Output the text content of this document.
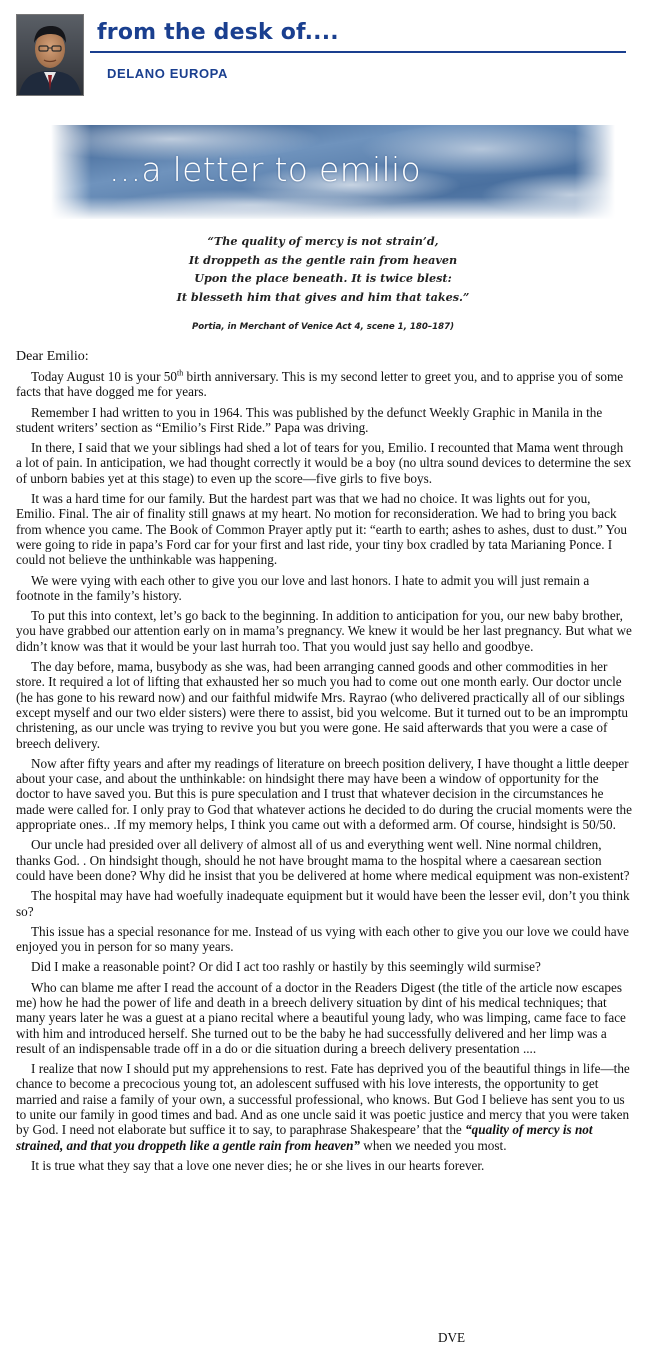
from the desk of....
DELANO EUROPA
...a letter to emilio
“The quality of mercy is not strain’d,
It droppeth as the gentle rain from heaven
Upon the place beneath. It is twice blest:
It blesseth him that gives and him that takes.”
Portia, in Merchant of Venice Act 4, scene 1, 180–187)

Dear Emilio:

Today August 10 is your 50th birth anniversary. This is my second letter to greet you, and to apprise you of some facts that have dogged me for years.

Remember I had written to you in 1964. This was published by the defunct Weekly Graphic in Manila in the student writers’ section as “Emilio’s First Ride.” Papa was driving.

In there, I said that we your siblings had shed a lot of tears for you, Emilio. I recounted that Mama went through a lot of pain. In anticipation, we had thought correctly it would be a boy (no ultra sound devices to determine the sex of unborn babies yet at this stage) to even up the score—five girls to five boys.

It was a hard time for our family. But the hardest part was that we had no choice. It was lights out for you, Emilio. Final. The air of finality still gnaws at my heart. No motion for reconsideration. We had to bring you back from whence you came. The Book of Common Prayer aptly put it: “earth to earth; ashes to ashes, dust to dust.” You were going to ride in papa’s Ford car for your first and last ride, your tiny box cradled by tata Marianing Ponce. I could not believe the unthinkable was happening.

We were vying with each other to give you our love and last honors. I hate to admit you will just remain a footnote in the family’s history.

To put this into context, let’s go back to the beginning. In addition to anticipation for you, our new baby brother, you have grabbed our attention early on in mama’s pregnancy. We knew it would be her last pregnancy. But what we didn’t know was that it would be your last hurrah too. That you would just say hello and goodbye.

The day before, mama, busybody as she was, had been arranging canned goods and other commodities in her store. It required a lot of lifting that exhausted her so much you had to come out one month early. Our doctor uncle (he has gone to his reward now) and our faithful midwife Mrs. Rayrao (who delivered practically all of our siblings except myself and our two elder sisters) were there to assist, bid you welcome. But it turned out to be an impromptu christening, as our uncle was trying to revive you but you were gone. He said afterwards that you were a case of breech delivery.

Now after fifty years and after my readings of literature on breech position delivery, I have thought a little deeper about your case, and about the unthinkable: on hindsight there may have been a window of opportunity for the doctor to have saved you. But this is pure speculation and I trust that whatever decision in the circumstances he made were called for. I only pray to God that whatever actions he decided to do during the crucial moments were the appropriate ones.. .If my memory helps, I think you came out with a deformed arm. Of course, hindsight is 50/50.

Our uncle had presided over all delivery of almost all of us and everything went well. Nine normal children, thanks God. . On hindsight though, should he not have brought mama to the hospital where a caesarean section could have been done? Why did he insist that you be delivered at home where medical equipment was non-existent?

The hospital may have had woefully inadequate equipment but it would have been the lesser evil, don’t you think so?

This issue has a special resonance for me. Instead of us vying with each other to give you our love we could have enjoyed you in person for so many years.

Did I make a reasonable point? Or did I act too rashly or hastily by this seemingly wild surmise?

Who can blame me after I read the account of a doctor in the Readers Digest (the title of the article now escapes me) how he had the power of life and death in a breech delivery situation by dint of his medical techniques; that many years later he was a guest at a piano recital where a beautiful young lady, who was limping, came face to face with him and introduced herself. She turned out to be the baby he had successfully delivered and her limp was a result of an indispensable trade off in a do or die situation during a breech delivery presentation ....

I realize that now I should put my apprehensions to rest. Fate has deprived you of the beautiful things in life—the chance to become a precocious young tot, an adolescent suffused with his love interests, the opportunity to get married and raise a family of your own, a successful professional, who knows. But God I believe has sent you to us to unite our family in good times and bad. And as one uncle said it was poetic justice and mercy that you were taken by God. I need not elaborate but suffice it to say, to paraphrase Shakespeare’ that the “quality of mercy is not strained, and that you droppeth like a gentle rain from heaven” when we needed you most.

It is true what they say that a love one never dies; he or she lives in our hearts forever.

DVE
